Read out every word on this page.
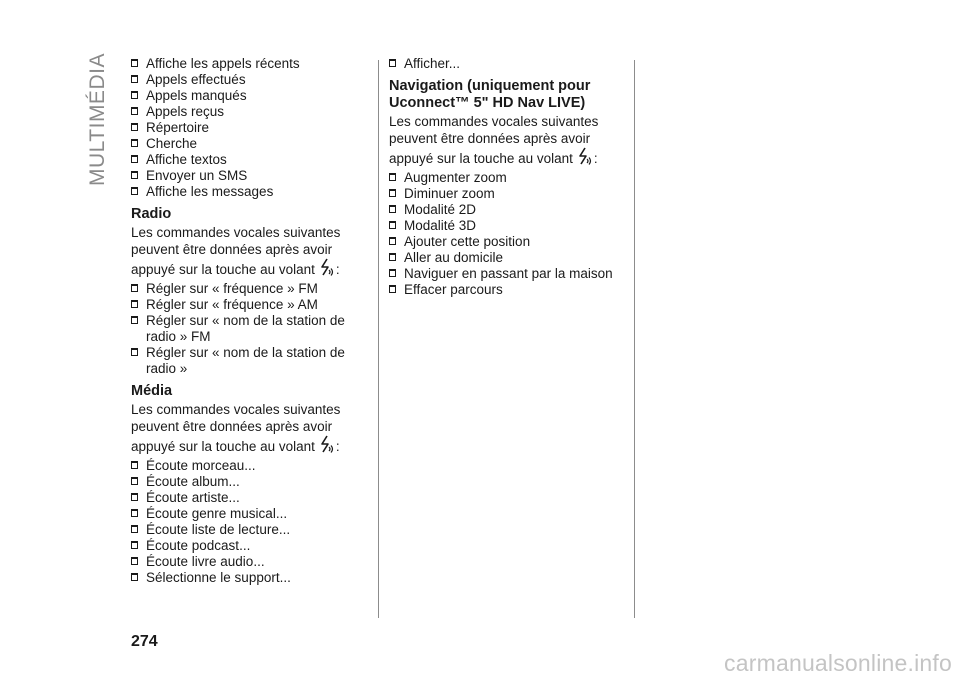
MULTIMÉDIA	Affiche les appels récents
Appels effectués
Appels manqués
Appels reçus
Répertoire
Cherche
Affiche textos
Envoyer un SMS
Affiche les messages
Radio

Les commandes vocales suivantes peuvent être données après avoir appuyé sur la touche au volant :

Régler sur « fréquence » FM
Régler sur « fréquence » AM
Régler sur « nom de la station de radio » FM
Régler sur « nom de la station de radio »
Média

Les commandes vocales suivantes peuvent être données après avoir appuyé sur la touche au volant :

Écoute morceau...
Écoute album...
Écoute artiste...
Écoute genre musical...
Écoute liste de lecture...
Écoute podcast...
Écoute livre audio...
Sélectionne le support...
Afficher...
Navigation (uniquement pour Uconnect™ 5" HD Nav LIVE)

Les commandes vocales suivantes peuvent être données après avoir appuyé sur la touche au volant :

Augmenter zoom
Diminuer zoom
Modalité 2D
Modalité 3D
Ajouter cette position
Aller au domicile
Naviguer en passant par la maison
Effacer parcours
274
carmanualsonline.info
